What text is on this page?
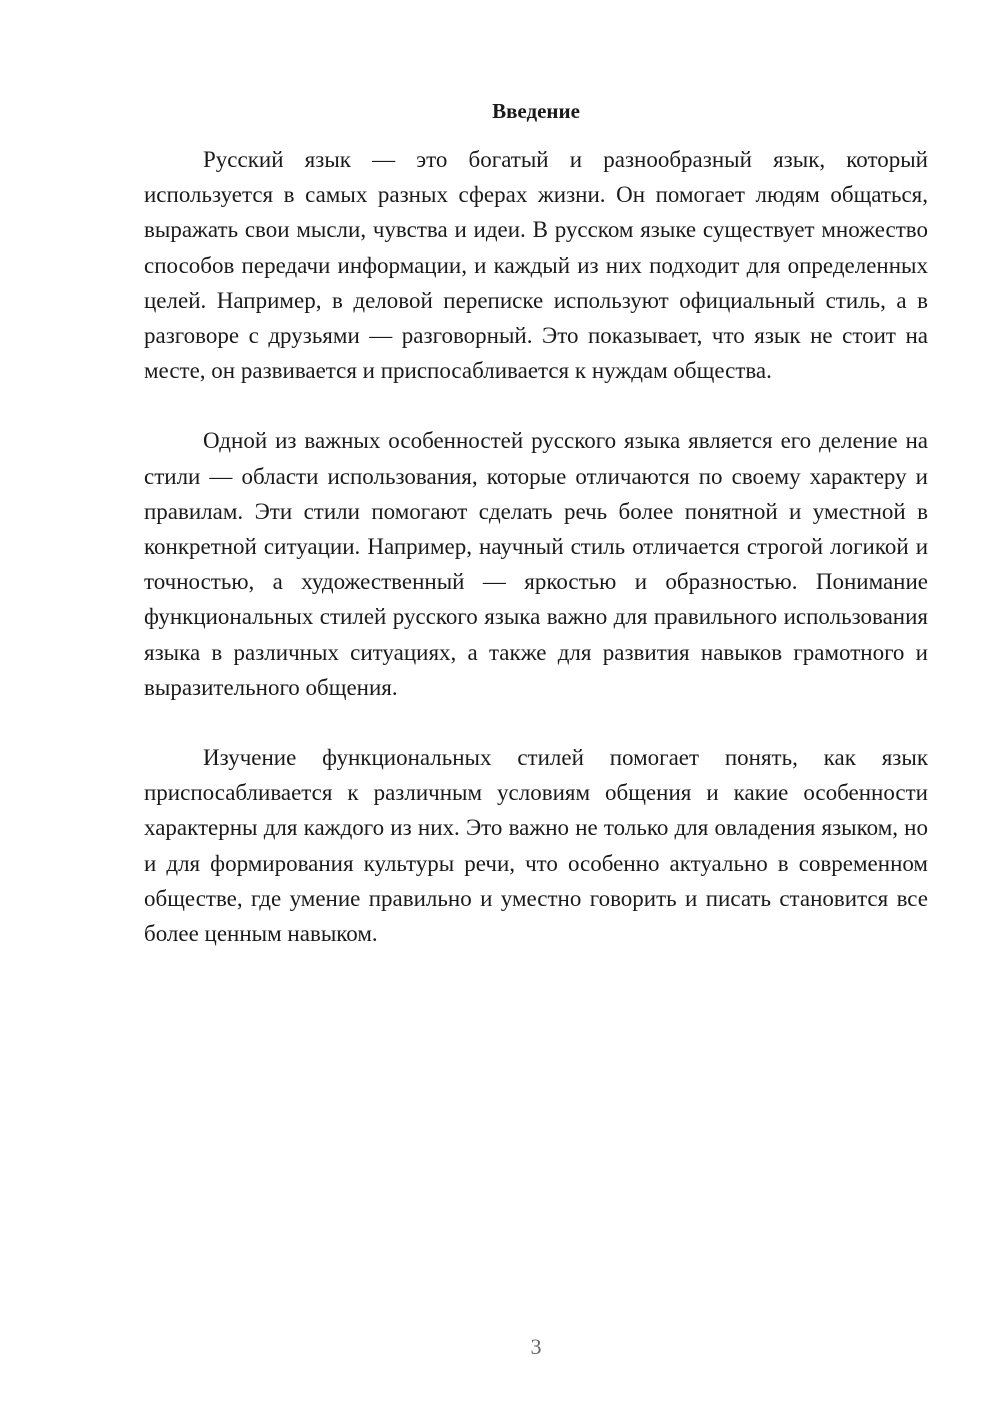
Введение

Русский язык — это богатый и разнообразный язык, который используется в самых разных сферах жизни. Он помогает людям общаться, выражать свои мысли, чувства и идеи. В русском языке существует множество способов передачи информации, и каждый из них подходит для определенных целей. Например, в деловой переписке используют официальный стиль, а в разговоре с друзьями — разговорный. Это показывает, что язык не стоит на месте, он развивается и приспосабливается к нуждам общества.

Одной из важных особенностей русского языка является его деление на стили — области использования, которые отличаются по своему характеру и правилам. Эти стили помогают сделать речь более понятной и уместной в конкретной ситуации. Например, научный стиль отличается строгой логикой и точностью, а художественный — яркостью и образностью. Понимание функциональных стилей русского языка важно для правильного использования языка в различных ситуациях, а также для развития навыков грамотного и выразительного общения.

Изучение функциональных стилей помогает понять, как язык приспосабливается к различным условиям общения и какие особенности характерны для каждого из них. Это важно не только для овладения языком, но и для формирования культуры речи, что особенно актуально в современном обществе, где умение правильно и уместно говорить и писать становится все более ценным навыком.

3
